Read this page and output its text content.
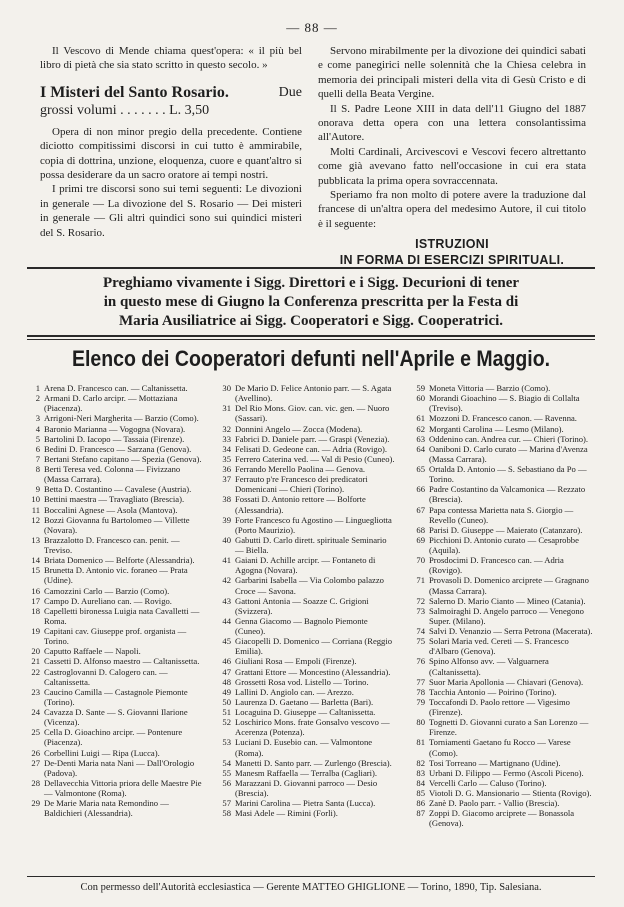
— 88 —

Il Vescovo di Mende chiama quest'opera: « il più bel libro di pietà che sia stato scritto in questo secolo. »

I Misteri del Santo Rosario.	Due
grossi volumi . . . . . . . L. 3,50

Opera di non minor pregio della precedente. Contiene diciotto compitissimi discorsi in cui tutto è ammirabile, copia di dottrina, unzione, eloquenza, cuore e quant'altro si possa desiderare da un sacro oratore ai tempi nostri.

I primi tre discorsi sono sui temi seguenti: Le divozioni in generale — La divozione del S. Rosario — Dei misteri in generale — Gli altri quindici sono sui quindici misteri del S. Rosario.

Servono mirabilmente per la divozione dei quindici sabati e come panegirici nelle solennità che la Chiesa celebra in memoria dei principali misteri della vita di Gesù Cristo e di quelli della Beata Vergine.

Il S. Padre Leone XIII in data dell'11 Giugno del 1887 onorava detta opera con una lettera consolantissima all'Autore.

Molti Cardinali, Arcivescovi e Vescovi fecero altrettanto come già avevano fatto nell'occasione in cui era stata pubblicata la prima opera sovraccennata.

Speriamo fra non molto di potere avere la traduzione dal francese di un'altra opera del medesimo Autore, il cui titolo è il seguente:

ISTRUZIONI
IN FORMA DI ESERCIZI SPIRITUALI.
Preghiamo vivamente i Sigg. Direttori e i Sigg. Decurioni di tener
in questo mese di Giugno la Conferenza prescritta per la Festa di
Maria Ausiliatrice ai Sigg. Cooperatori e Sigg. Cooperatrici.
Elenco dei Cooperatori defunti nell'Aprile e Maggio.
1 Arena D. Francesco can. — Caltanissetta.
2 Armani D. Carlo arcipr. — Mottaziana (Piacenza).
3 Arrigoni-Neri Margherita — Barzio (Como).
4 Baronio Marianna — Vogogna (Novara).
5 Bartolini D. Iacopo — Tassaia (Firenze).
6 Bedini D. Francesco — Sarzana (Genova).
7 Bertani Stefano capitano — Spezia (Genova).
8 Berti Teresa ved. Colonna — Fivizzano (Massa Carrara).
9 Betta D. Costantino — Cavalese (Austria).
10 Bettini maestra — Travagliato (Brescia).
11 Boccalini Agnese — Asola (Mantova).
12 Bozzi Giovanna fu Bartolomeo — Villette (Novara).
13 Brazzalotto D. Francesco can. penit. — Treviso.
14 Briata Domenico — Belforte (Alessandria).
15 Brunetta D. Antonio vic. foraneo — Prata (Udine).
16 Camozzini Carlo — Barzio (Como).
17 Campo D. Aureliano can. — Rovigo.
18 Capelletti bironessa Luigia nata Cavalletti — Roma.
19 Capitani cav. Giuseppe prof. organista — Torino.
20 Caputto Raffaele — Napoli.
21 Cassetti D. Alfonso maestro — Caltanissetta.
22 Castroglovanni D. Calogero can. — Caltanissetta.
23 Caucino Camilla — Castagnole Piemonte (Torino).
24 Cavazza D. Sante — S. Giovanni Ilarione (Vicenza).
25 Cella D. Gioachino arcipr. — Pontenure (Piacenza).
26 Corbellini Luigi — Ripa (Lucca).
27 De-Denti Maria nata Nani — Dall'Orologio (Padova).
28 Dellavecchia Vittoria priora delle Maestre Pie — Valmontone (Roma).
29 De Marie Maria nata Remondino — Baldichieri (Alessandria).
30 De Mario D. Felice Antonio parr. — S. Agata (Avellino).
31 Del Rio Mons. Giov. can. vic. gen. — Nuoro (Sassari).
32 Donnini Angelo — Zocca (Modena).
33 Fabrici D. Daniele parr. — Graspi (Venezia).
34 Felisati D. Gedeone can. — Adria (Rovigo).
35 Ferrero Caterina ved. — Val di Pesio (Cuneo).
36 Ferrando Merello Paolina — Genova.
37 Ferrauto p're Francesco dei predicatori Domenicani — Chieri (Torino).
38 Fossati D. Antonio rettore — Bolforte (Alessandria).
39 Forte Francesco fu Agostino — Linguegliotta (Porto Maurizio).
40 Gabutti D. Carlo dirett. spirituale Seminario — Biella.
41 Gaiani D. Achille arcipr. — Fontaneto di Agogna (Novara).
42 Garbarini Isabella — Via Colombo palazzo Croce — Savona.
43 Gattoni Antonia — Soazze C. Grigioni (Svizzera).
44 Genna Giacomo — Bagnolo Piemonte (Cuneo).
45 Giacopelli D. Domenico — Corriana (Reggio Emilia).
46 Giuliani Rosa — Empoli (Firenze).
47 Grattani Ettore — Moncestino (Alessandria).
48 Grossetti Rosa vod. Listello — Torino.
49 Lallini D. Angiolo can. — Arezzo.
50 Laurenza D. Gaetano — Barletta (Bari).
51 Locaguina D. Giuseppe — Caltanissetta.
52 Loschirico Mons. frate Gonsalvo vescovo — Acerenza (Potenza).
53 Luciani D. Eusebio can. — Valmontone (Roma).
54 Manetti D. Santo parr. — Zurlengo (Brescia).
55 Manesm Raffaella — Terralba (Cagliari).
56 Marazzani D. Giovanni parroco — Desio (Brescia).
57 Marini Carolina — Pietra Santa (Lucca).
58 Masi Adele — Rimini (Forli).
59 Moneta Vittoria — Barzio (Como).
60 Morandi Gioachino — S. Biagio di Collalta (Treviso).
61 Mozzoni D. Francesco canon. — Ravenna.
62 Morganti Carolina — Lesmo (Milano).
63 Oddenino can. Andrea cur. — Chieri (Torino).
64 Oaniboni D. Carlo curato — Marina d'Avenza (Massa Carrara).
65 Ortalda D. Antonio — S. Sebastiano da Po — Torino.
66 Padre Costantino da Valcamonica — Rezzato (Brescia).
67 Papa contessa Marietta nata S. Giorgio — Revello (Cuneo).
68 Parisi D. Giuseppe — Maierato (Catanzaro).
69 Picchioni D. Antonio curato — Cesaprobbe (Aquila).
70 Prosdocimi D. Francesco can. — Adria (Rovigo).
71 Provasoli D. Domenico arciprete — Gragnano (Massa Carrara).
72 Salerno D. Mario Cianto — Mineo (Catania).
73 Salmoiraghi D. Angelo parroco — Venegono Super. (Milano).
74 Salvi D. Venanzio — Serra Petrona (Macerata).
75 Solari Maria ved. Cereti — S. Francesco d'Albaro (Genova).
76 Spino Alfonso avv. — Valguarnera (Caltanissetta).
77 Suor Maria Apollonia — Chiavari (Genova).
78 Tacchia Antonio — Poirino (Torino).
79 Toccafondi D. Paolo rettore — Vigesimo (Firenze).
80 Tognetti D. Giovanni curato a San Lorenzo — Firenze.
81 Torniamenti Gaetano fu Rocco — Varese (Como).
82 Tosi Torreano — Martignano (Udine).
83 Urbani D. Filippo — Fermo (Ascoli Piceno).
84 Vercelli Carlo — Caluso (Torino).
85 Viotoli D. G. Mansionario — Stienta (Rovigo).
86 Zanè D. Paolo parr. - Vallio (Brescia).
87 Zoppi D. Giacomo arciprete — Bonassola (Genova).
Con permesso dell'Autorità ecclesiastica — Gerente MATTEO GHIGLIONE — Torino, 1890, Tip. Salesiana.
